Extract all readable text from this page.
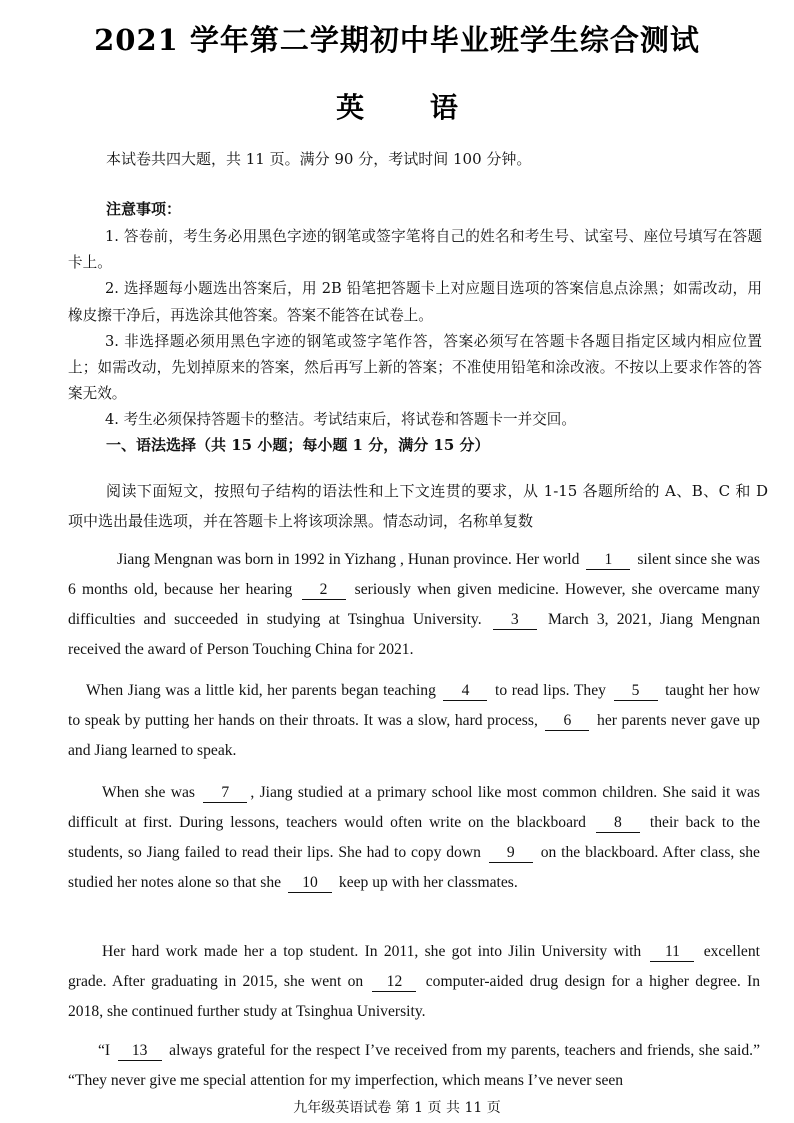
2021 学年第二学期初中毕业班学生综合测试
英 语

本试卷共四大题，共 11 页。满分 90 分，考试时间 100 分钟。

注意事项：

1. 答卷前，考生务必用黑色字迹的钢笔或签字笔将自己的姓名和考生号、试室号、座位号填写在答题卡上。
2. 选择题每小题选出答案后，用 2B 铅笔把答题卡上对应题目选项的答案信息点涂黑；如需改动，用橡皮擦干净后，再选涂其他答案。答案不能答在试卷上。
3. 非选择题必须用黑色字迹的钢笔或签字笔作答，答案必须写在答题卡各题目指定区域内相应位置上；如需改动，先划掉原来的答案，然后再写上新的答案；不准使用铅笔和涂改液。不按以上要求作答的答案无效。
4. 考生必须保持答题卡的整洁。考试结束后，将试卷和答题卡一并交回。

一、语法选择（共 15 小题；每小题 1 分，满分 15 分）

阅读下面短文，按照句子结构的语法性和上下文连贯的要求，从 1-15 各题所给的 A、B、C 和 D 项中选出最佳选项，并在答题卡上将该项涂黑。情态动词，名称单复数

Jiang Mengnan was born in 1992 in Yizhang , Hunan province. Her world 1 silent since she was 6 months old, because her hearing 2 seriously when given medicine. However, she overcame many difficulties and succeeded in studying at Tsinghua University. 3 March 3, 2021, Jiang Mengnan received the award of Person Touching China for 2021.

When Jiang was a little kid, her parents began teaching 4 to read lips. They 5 taught her how to speak by putting her hands on their throats. It was a slow, hard process, 6 her parents never gave up and Jiang learned to speak.

When she was 7 , Jiang studied at a primary school like most common children. She said it was difficult at first. During lessons, teachers would often write on the blackboard 8 their back to the students, so Jiang failed to read their lips. She had to copy down 9 on the blackboard. After class, she studied her notes alone so that she 10 keep up with her classmates.

Her hard work made her a top student. In 2011, she got into Jilin University with 11 excellent grade. After graduating in 2015, she went on 12 computer-aided drug design for a higher degree. In 2018, she continued further study at Tsinghua University.

“I 13 always grateful for the respect I’ve received from my parents, teachers and friends, she said.” “They never give me special attention for my imperfection, which means I’ve never seen

九年级英语试卷 第 1 页 共 11 页
